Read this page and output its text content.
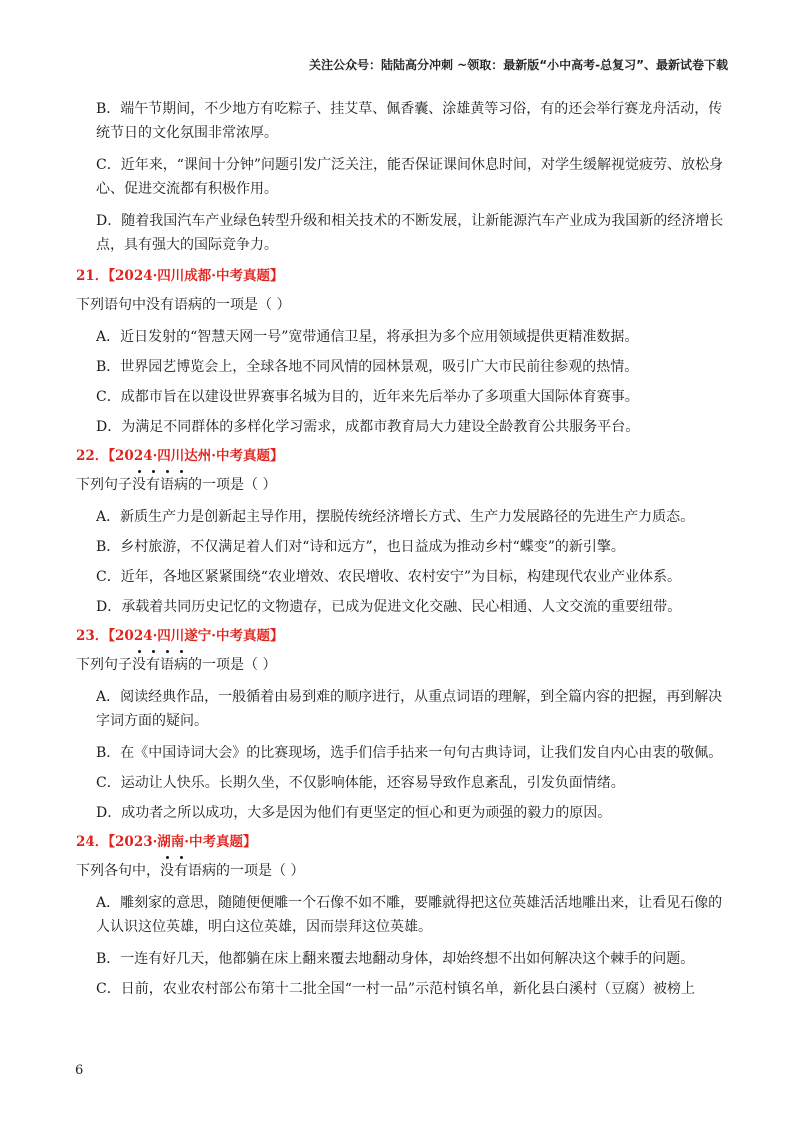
关注公众号：陆陆高分冲刺 ~领取：最新版“小中高考-总复习”、最新试卷下载
B．端午节期间，不少地方有吃粽子、挂艾草、佩香囊、涂雄黄等习俗，有的还会举行赛龙舟活动，传统节日的文化氛围非常浓厚。
C．近年来，“课间十分钟”问题引发广泛关注，能否保证课间休息时间，对学生缓解视觉疲劳、放松身心、促进交流都有积极作用。
D．随着我国汽车产业绿色转型升级和相关技术的不断发展，让新能源汽车产业成为我国新的经济增长点，具有强大的国际竞争力。
21．【2024·四川成都·中考真题】
下列语句中没有语病的一项是（ ）
A．近日发射的“智慧天网一号”宽带通信卫星，将承担为多个应用领域提供更精准数据。
B．世界园艺博览会上，全球各地不同风情的园林景观，吸引广大市民前往参观的热情。
C．成都市旨在以建设世界赛事名城为目的，近年来先后举办了多项重大国际体育赛事。
D．为满足不同群体的多样化学习需求，成都市教育局大力建设全龄教育公共服务平台。
22．【2024·四川达州·中考真题】
下列句子没有语病的一项是（ ）
A．新质生产力是创新起主导作用，摆脱传统经济增长方式、生产力发展路径的先进生产力质态。
B．乡村旅游，不仅满足着人们对“诗和远方”，也日益成为推动乡村“蝶变”的新引擎。
C．近年，各地区紧紧围绕“农业增效、农民增收、农村安宁”为目标，构建现代农业产业体系。
D．承载着共同历史记忆的文物遗存，已成为促进文化交融、民心相通、人文交流的重要纽带。
23．【2024·四川遂宁·中考真题】
下列句子没有语病的一项是（ ）
A．阅读经典作品，一般循着由易到难的顺序进行，从重点词语的理解，到全篇内容的把握，再到解决字词方面的疑问。
B．在《中国诗词大会》的比赛现场，选手们信手拈来一句句古典诗词，让我们发自内心由衷的敬佩。
C．运动让人快乐。长期久坐，不仅影响体能，还容易导致作息紊乱，引发负面情绪。
D．成功者之所以成功，大多是因为他们有更坚定的恒心和更为顽强的毅力的原因。
24．【2023·湖南·中考真题】
下列各句中，没有语病的一项是（ ）
A．雕刻家的意思，随随便便雕一个石像不如不雕，要雕就得把这位英雄活活地雕出来，让看见石像的人认识这位英雄，明白这位英雄，因而崇拜这位英雄。
B．一连有好几天，他都躺在床上翻来覆去地翻动身体，却始终想不出如何解决这个棘手的问题。
C．日前，农业农村部公布第十二批全国“一村一品”示范村镇名单，新化县白溪村（豆腐）被榜上
6
